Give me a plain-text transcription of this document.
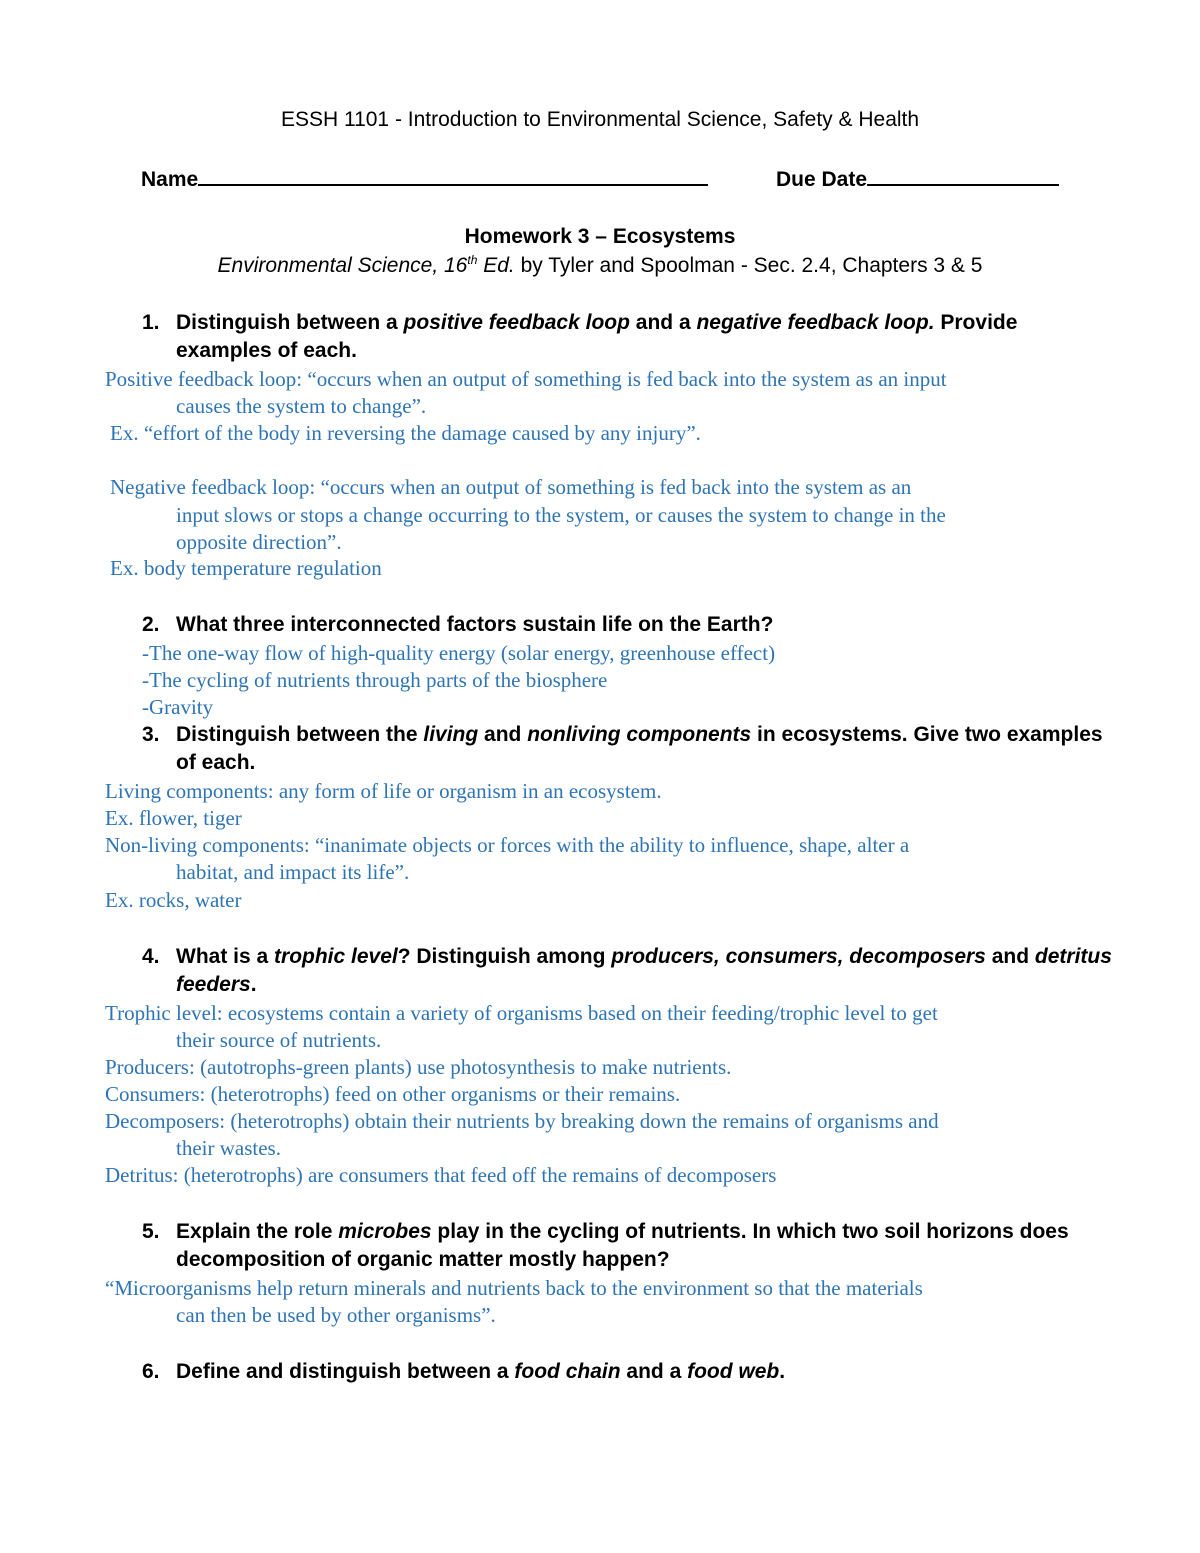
ESSH 1101 - Introduction to Environmental Science, Safety & Health
Name	Due Date
Homework 3 – Ecosystems
Environmental Science, 16th Ed. by Tyler and Spoolman - Sec. 2.4, Chapters 3 & 5
1. Distinguish between a positive feedback loop and a negative feedback loop. Provide
examples of each.
Positive feedback loop: “occurs when an output of something is fed back into the system as an input
causes the system to change”.
Ex. “effort of the body in reversing the damage caused by any injury”.
Negative feedback loop: “occurs when an output of something is fed back into the system as an
input slows or stops a change occurring to the system, or causes the system to change in the
opposite direction”.
Ex. body temperature regulation
2. What three interconnected factors sustain life on the Earth?
-The one-way flow of high-quality energy (solar energy, greenhouse effect)
-The cycling of nutrients through parts of the biosphere
-Gravity
3. Distinguish between the living and nonliving components in ecosystems. Give two examples
of each.
Living components: any form of life or organism in an ecosystem.
Ex. flower, tiger
Non-living components: “inanimate objects or forces with the ability to influence, shape, alter a
habitat, and impact its life”.
Ex. rocks, water
4. What is a trophic level? Distinguish among producers, consumers, decomposers and detritus
feeders.
Trophic level: ecosystems contain a variety of organisms based on their feeding/trophic level to get
their source of nutrients.
Producers: (autotrophs-green plants) use photosynthesis to make nutrients.
Consumers: (heterotrophs) feed on other organisms or their remains.
Decomposers: (heterotrophs) obtain their nutrients by breaking down the remains of organisms and
their wastes.
Detritus: (heterotrophs) are consumers that feed off the remains of decomposers
5. Explain the role microbes play in the cycling of nutrients. In which two soil horizons does
decomposition of organic matter mostly happen?
“Microorganisms help return minerals and nutrients back to the environment so that the materials
can then be used by other organisms”.
6. Define and distinguish between a food chain and a food web.
